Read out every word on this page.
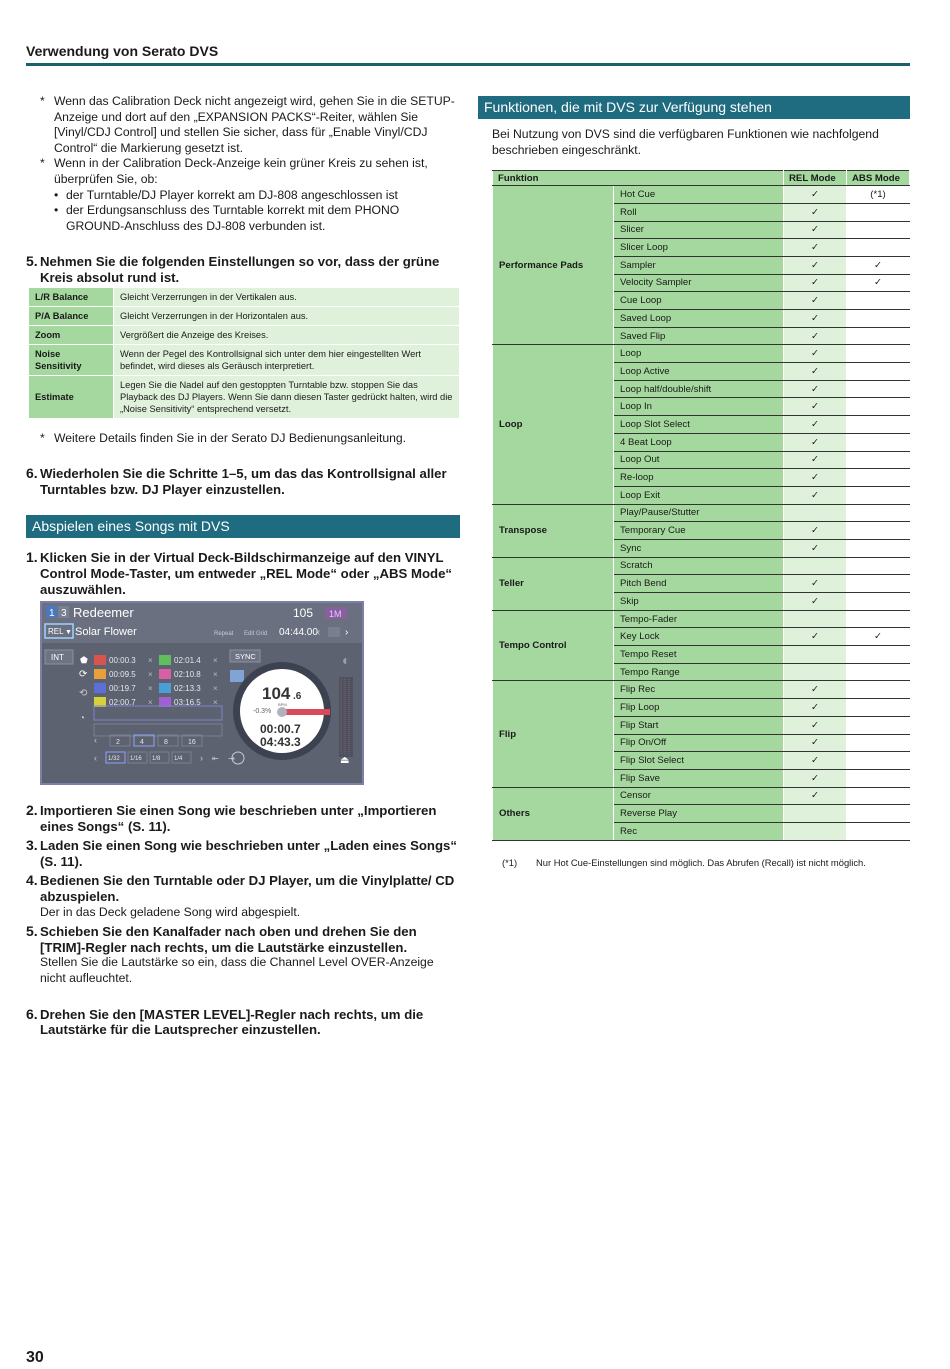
Verwendung von Serato DVS
* Wenn das Calibration Deck nicht angezeigt wird, gehen Sie in die SETUP-Anzeige und dort auf den „EXPANSION PACKS“-Reiter, wählen Sie [Vinyl/CDJ Control] und stellen Sie sicher, dass für „Enable Vinyl/CDJ Control“ die Markierung gesetzt ist.
* Wenn in der Calibration Deck-Anzeige kein grüner Kreis zu sehen ist, überprüfen Sie, ob:
• der Turntable/DJ Player korrekt am DJ-808 angeschlossen ist
• der Erdungsanschluss des Turntable korrekt mit dem PHONO GROUND-Anschluss des DJ-808 verbunden ist.
5. Nehmen Sie die folgenden Einstellungen so vor, dass der grüne Kreis absolut rund ist.
L/R Balance	Gleicht Verzerrungen in der Vertikalen aus.
P/A Balance	Gleicht Verzerrungen in der Horizontalen aus.
Zoom	Vergrößert die Anzeige des Kreises.
Noise Sensitivity	Wenn der Pegel des Kontrollsignal sich unter dem hier eingestellten Wert befindet, wird dieses als Geräusch interpretiert.
Estimate	Legen Sie die Nadel auf den gestoppten Turntable bzw. stoppen Sie das Playback des DJ Players. Wenn Sie dann diesen Taster gedrückt halten, wird die „Noise Sensitivity“ entsprechend versetzt.
* Weitere Details finden Sie in der Serato DJ Bedienungsanleitung.
6. Wiederholen Sie die Schritte 1–5, um das das Kontrollsignal aller Turntables bzw. DJ Player einzustellen.
Abspielen eines Songs mit DVS
1. Klicken Sie in der Virtual Deck-Bildschirmanzeige auf den VINYL Control Mode-Taster, um entweder „REL Mode“ oder „ABS Mode“ auszuwählen.
1 3 Redeemer	105 1M
REL ▼ Solar Flower	Repeat Edit Grid 04:44.00 ‹ ›
INT ⬟
⟳
⟲
◔
00:00.3 ×
00:09.5 ×
00:19.7 ×
02:00.7 ×
02:01.4 ×
02:10.8 ×
02:13.3 ×
03:16.5 ×
SYNC	◐
2	4	8	16
1/32 1/16 1/8 1/4
‹
‹	› ⇤ ⇥
104 .6
BPM
-0.3%
00:00.7
04:43.3
⏏
2. Importieren Sie einen Song wie beschrieben unter „Importieren eines Songs“ (S. 11).
3. Laden Sie einen Song wie beschrieben unter „Laden eines Songs“ (S. 11).
4. Bedienen Sie den Turntable oder DJ Player, um die Vinylplatte/ CD abzuspielen.
Der in das Deck geladene Song wird abgespielt.
5. Schieben Sie den Kanalfader nach oben und drehen Sie den [TRIM]-Regler nach rechts, um die Lautstärke einzustellen.
Stellen Sie die Lautstärke so ein, dass die Channel Level OVER-Anzeige nicht aufleuchtet.
6. Drehen Sie den [MASTER LEVEL]-Regler nach rechts, um die Lautstärke für die Lautsprecher einzustellen.
Funktionen, die mit DVS zur Verfügung stehen
Bei Nutzung von DVS sind die verfügbaren Funktionen wie nachfolgend beschrieben eingeschränkt.
Funktion		REL Mode	ABS Mode
Performance Pads	Hot Cue	✓	(*1)
	Roll	✓	
	Slicer	✓	
	Slicer Loop	✓	
	Sampler	✓	✓
	Velocity Sampler	✓	✓
	Cue Loop	✓	
	Saved Loop	✓	
	Saved Flip	✓	
Loop	Loop	✓	
	Loop Active	✓	
	Loop half/double/shift	✓	
	Loop In	✓	
	Loop Slot Select	✓	
	4 Beat Loop	✓	
	Loop Out	✓	
	Re-loop	✓	
	Loop Exit	✓	
Transpose	Play/Pause/Stutter		
	Temporary Cue	✓	
	Sync	✓	
Teller	Scratch		
	Pitch Bend	✓	
	Skip	✓	
Tempo Control	Tempo-Fader		
	Key Lock	✓	✓
	Tempo Reset		
	Tempo Range		
Flip	Flip Rec	✓	
	Flip Loop	✓	
	Flip Start	✓	
	Flip On/Off	✓	
	Flip Slot Select	✓	
	Flip Save	✓	
Others	Censor	✓	
	Reverse Play		
	Rec		
(*1)	Nur Hot Cue-Einstellungen sind möglich. Das Abrufen (Recall) ist nicht möglich.
30
